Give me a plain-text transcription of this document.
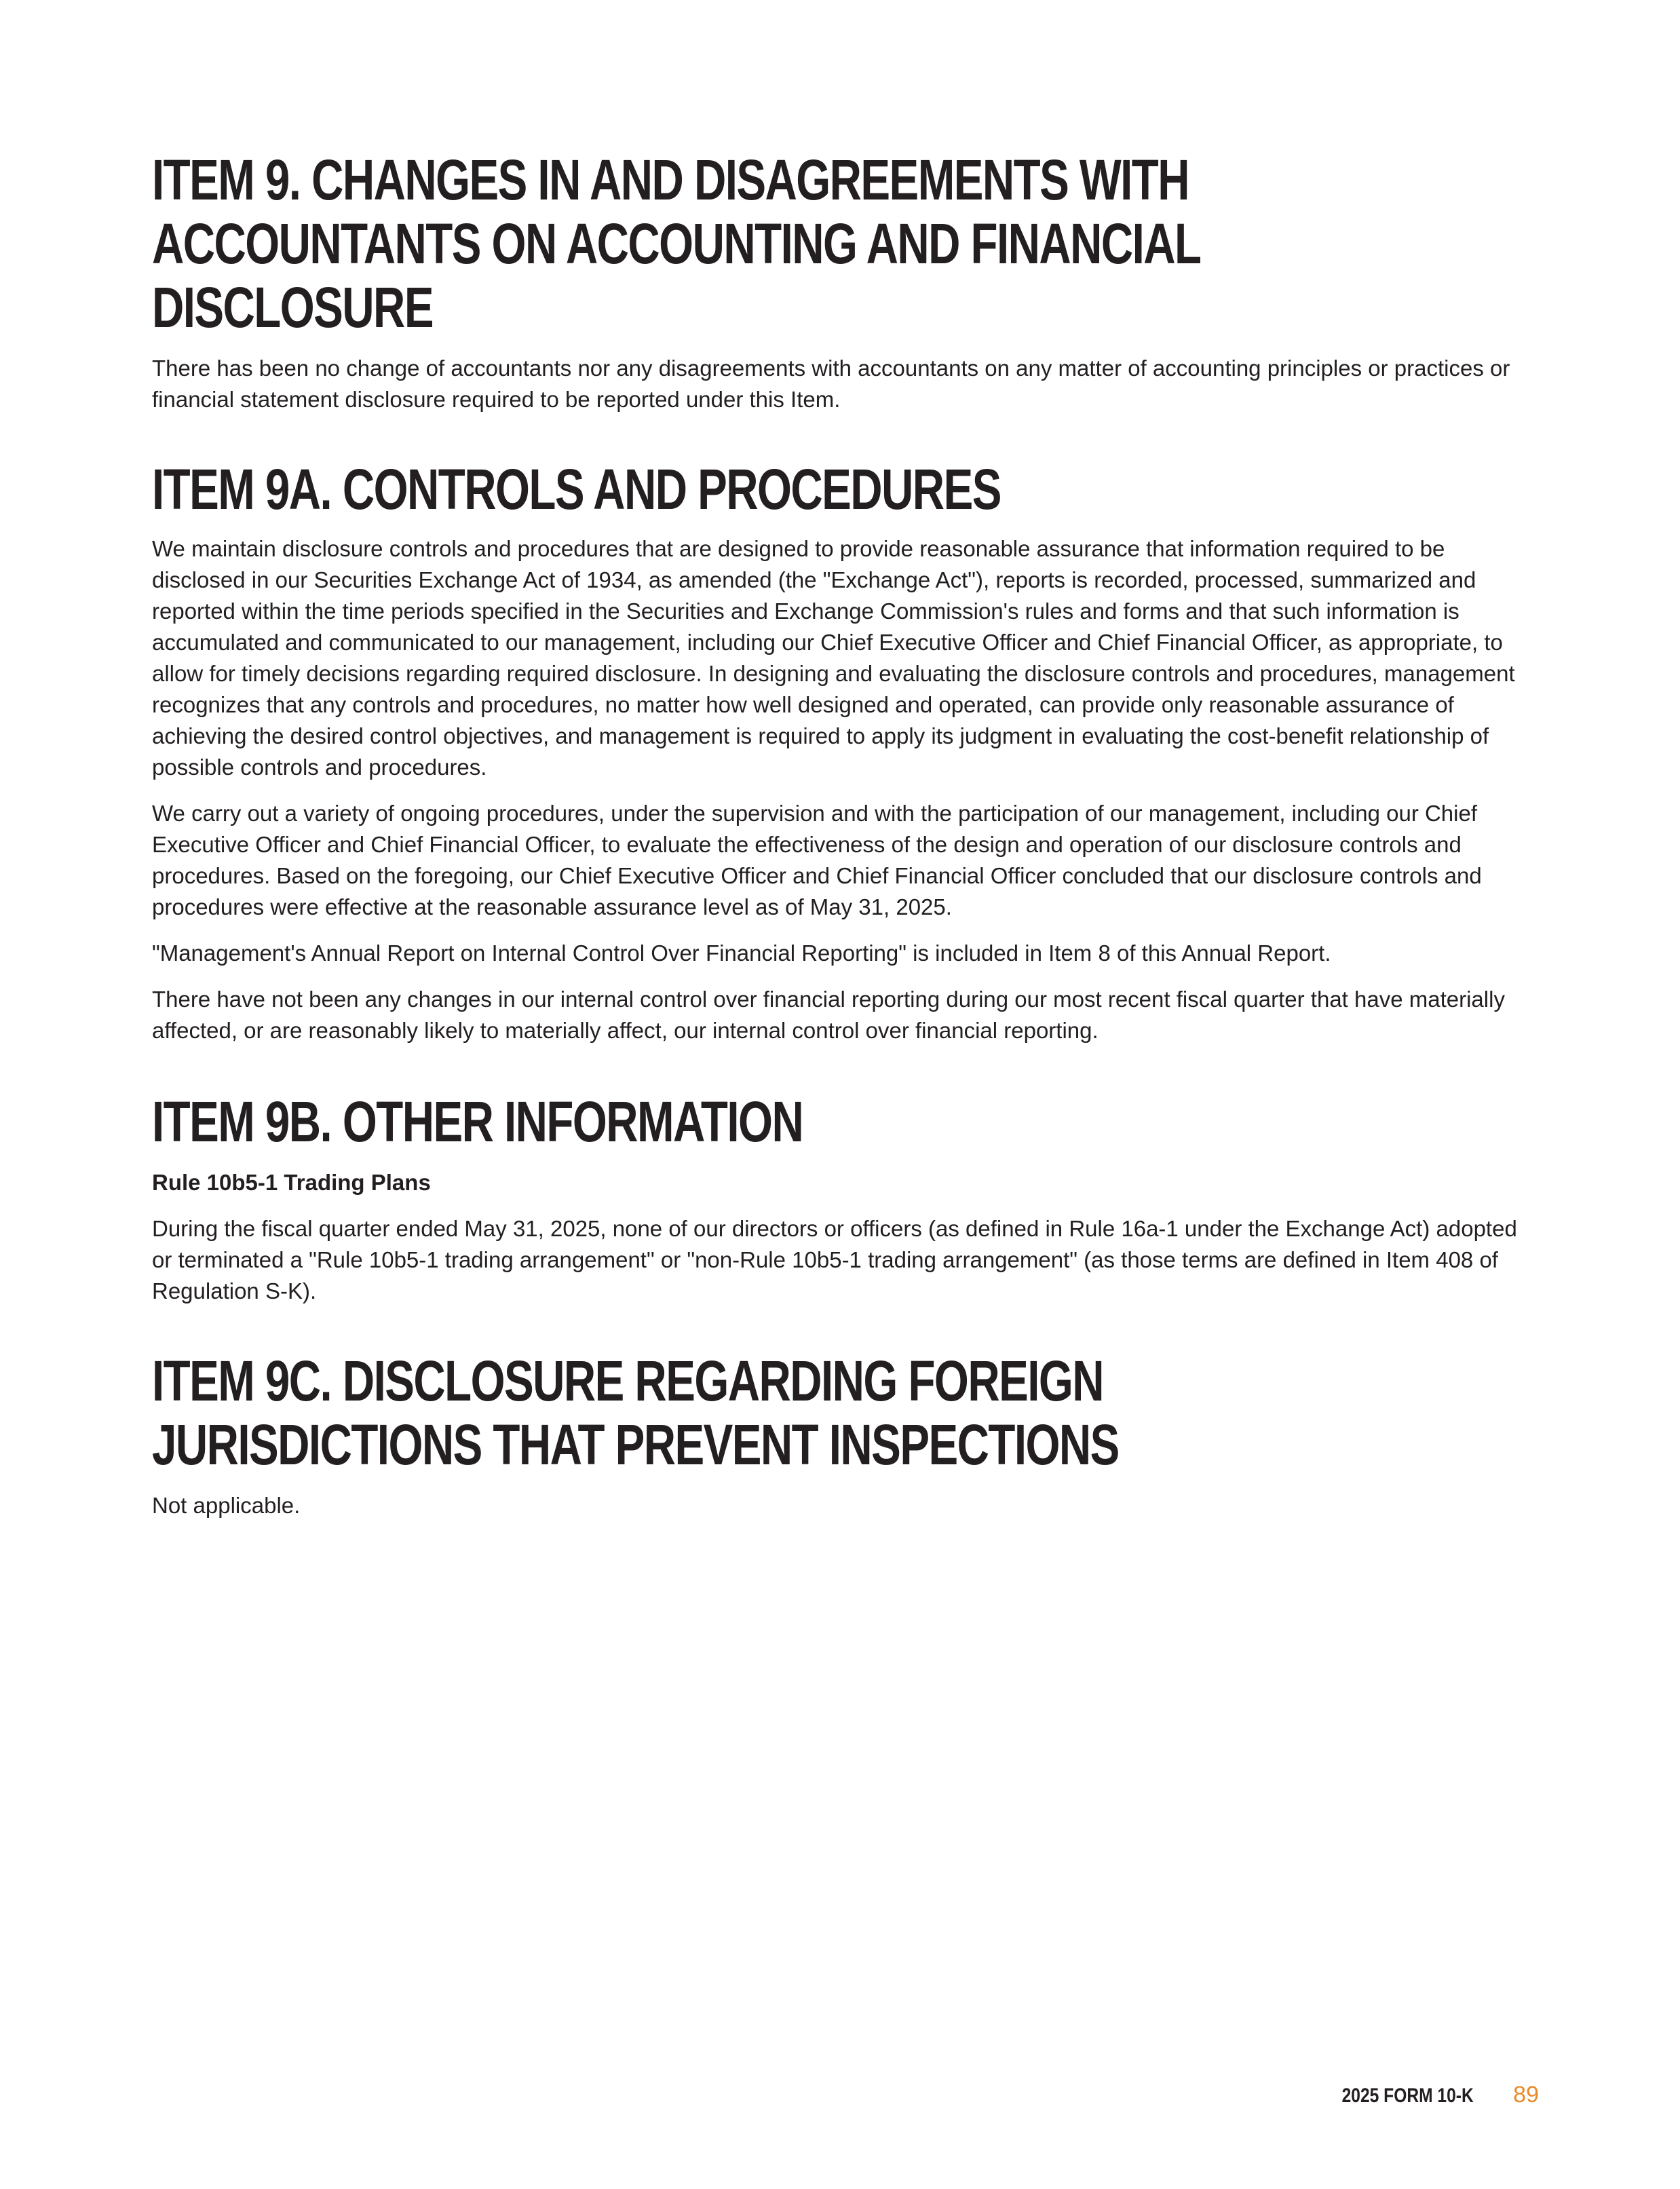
ITEM 9. CHANGES IN AND DISAGREEMENTS WITH
ACCOUNTANTS ON ACCOUNTING AND FINANCIAL
DISCLOSURE

There has been no change of accountants nor any disagreements with accountants on any matter of accounting principles or practices or financial statement disclosure required to be reported under this Item.

ITEM 9A. CONTROLS AND PROCEDURES

We maintain disclosure controls and procedures that are designed to provide reasonable assurance that information required to be disclosed in our Securities Exchange Act of 1934, as amended (the "Exchange Act"), reports is recorded, processed, summarized and reported within the time periods specified in the Securities and Exchange Commission's rules and forms and that such information is accumulated and communicated to our management, including our Chief Executive Officer and Chief Financial Officer, as appropriate, to allow for timely decisions regarding required disclosure. In designing and evaluating the disclosure controls and procedures, management recognizes that any controls and procedures, no matter how well designed and operated, can provide only reasonable assurance of achieving the desired control objectives, and management is required to apply its judgment in evaluating the cost-benefit relationship of possible controls and procedures.

We carry out a variety of ongoing procedures, under the supervision and with the participation of our management, including our Chief Executive Officer and Chief Financial Officer, to evaluate the effectiveness of the design and operation of our disclosure controls and procedures. Based on the foregoing, our Chief Executive Officer and Chief Financial Officer concluded that our disclosure controls and procedures were effective at the reasonable assurance level as of May 31, 2025.

"Management's Annual Report on Internal Control Over Financial Reporting" is included in Item 8 of this Annual Report.

There have not been any changes in our internal control over financial reporting during our most recent fiscal quarter that have materially affected, or are reasonably likely to materially affect, our internal control over financial reporting.

ITEM 9B. OTHER INFORMATION

Rule 10b5-1 Trading Plans

During the fiscal quarter ended May 31, 2025, none of our directors or officers (as defined in Rule 16a-1 under the Exchange Act) adopted or terminated a "Rule 10b5-1 trading arrangement" or "non-Rule 10b5-1 trading arrangement" (as those terms are defined in Item 408 of Regulation S-K).

ITEM 9C. DISCLOSURE REGARDING FOREIGN
JURISDICTIONS THAT PREVENT INSPECTIONS

Not applicable.

2025 FORM 10-K 89
